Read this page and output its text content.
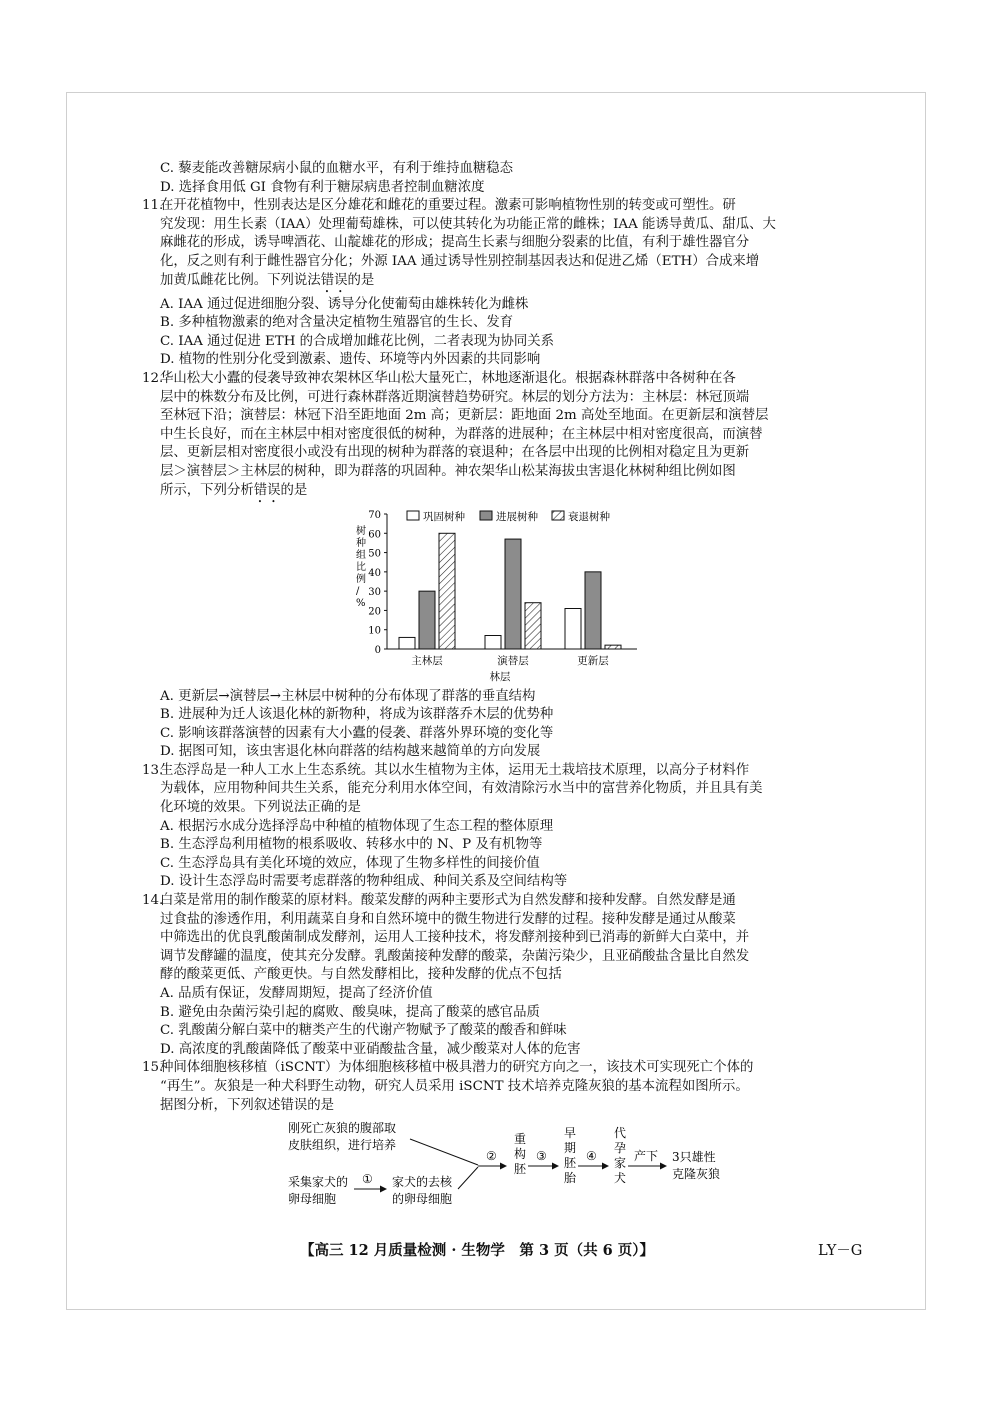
C. 藜麦能改善糖尿病小鼠的血糖水平，有利于维持血糖稳态
D. 选择食用低 GI 食物有利于糖尿病患者控制血糖浓度
11.在开花植物中，性别表达是区分雄花和雌花的重要过程。激素可影响植物性别的转变或可塑性。研
究发现：用生长素（IAA）处理葡萄雄株，可以使其转化为功能正常的雌株；IAA 能诱导黄瓜、甜瓜、大
麻雌花的形成，诱导啤酒花、山靛雄花的形成；提高生长素与细胞分裂素的比值，有利于雄性器官分
化，反之则有利于雌性器官分化；外源 IAA 通过诱导性别控制基因表达和促进乙烯（ETH）合成来增
加黄瓜雌花比例。下列说法错误的是
A. IAA 通过促进细胞分裂、诱导分化使葡萄由雄株转化为雌株
B. 多种植物激素的绝对含量决定植物生殖器官的生长、发育
C. IAA 通过促进 ETH 的合成增加雌花比例，二者表现为协同关系
D. 植物的性别分化受到激素、遗传、环境等内外因素的共同影响
12.华山松大小蠹的侵袭导致神农架林区华山松大量死亡，林地逐渐退化。根据森林群落中各树种在各
层中的株数分布及比例，可进行森林群落近期演替趋势研究。林层的划分方法为：主林层：林冠顶端
至林冠下沿；演替层：林冠下沿至距地面 2m 高；更新层：距地面 2m 高处至地面。在更新层和演替层
中生长良好，而在主林层中相对密度很低的树种，为群落的进展种；在主林层中相对密度很高，而演替
层、更新层相对密度很小或没有出现的树种为群落的衰退种；在各层中出现的比例相对稳定且为更新
层＞演替层＞主林层的树种，即为群落的巩固种。神农架华山松某海拔虫害退化林树种组比例如图
所示，下列分析错误的是
0
10
20
30
40
50
60
70
树种组比例/ %
主林层	演替层	更新层
林层
巩固树种	进展树种	衰退树种
A. 更新层→演替层→主林层中树种的分布体现了群落的垂直结构
B. 进展种为迁人该退化林的新物种，将成为该群落乔木层的优势种
C. 影响该群落演替的因素有大小蠹的侵袭、群落外界环境的变化等
D. 据图可知，该虫害退化林向群落的结构越来越简单的方向发展
13.生态浮岛是一种人工水上生态系统。其以水生植物为主体，运用无土栽培技术原理，以高分子材料作
为载体，应用物种间共生关系，能充分利用水体空间，有效清除污水当中的富营养化物质，并且具有美
化环境的效果。下列说法正确的是
A. 根据污水成分选择浮岛中种植的植物体现了生态工程的整体原理
B. 生态浮岛利用植物的根系吸收、转移水中的 N、P 及有机物等
C. 生态浮岛具有美化环境的效应，体现了生物多样性的间接价值
D. 设计生态浮岛时需要考虑群落的物种组成、种间关系及空间结构等
14.白菜是常用的制作酸菜的原材料。酸菜发酵的两种主要形式为自然发酵和接种发酵。自然发酵是通
过食盐的渗透作用，利用蔬菜自身和自然环境中的微生物进行发酵的过程。接种发酵是通过从酸菜
中筛选出的优良乳酸菌制成发酵剂，运用人工接种技术，将发酵剂接种到已消毒的新鲜大白菜中，并
调节发酵罐的温度，使其充分发酵。乳酸菌接种发酵的酸菜，杂菌污染少，且亚硝酸盐含量比自然发
酵的酸菜更低、产酸更快。与自然发酵相比，接种发酵的优点不包括
A. 品质有保证，发酵周期短，提高了经济价值
B. 避免由杂菌污染引起的腐败、酸臭味，提高了酸菜的感官品质
C. 乳酸菌分解白菜中的糖类产生的代谢产物赋予了酸菜的酸香和鲜味
D. 高浓度的乳酸菌降低了酸菜中亚硝酸盐含量，减少酸菜对人体的危害
15.种间体细胞核移植（iSCNT）为体细胞核移植中极具潜力的研究方向之一，该技术可实现死亡个体的
“再生”。灰狼是一种犬科野生动物，研究人员采用 iSCNT 技术培养克隆灰狼的基本流程如图所示。
据图分析，下列叙述错误的是
刚死亡灰狼的腹部取
皮肤组织，进行培养
采集家犬的
卵母细胞
① 家犬的去核
的卵母细胞
②
重构胚
③
早期胚胎
④
代孕家犬
产下 3只雄性
克隆灰狼
【高三 12 月质量检测 · 生物学　第 3 页（共 6 页）】	LY－G
